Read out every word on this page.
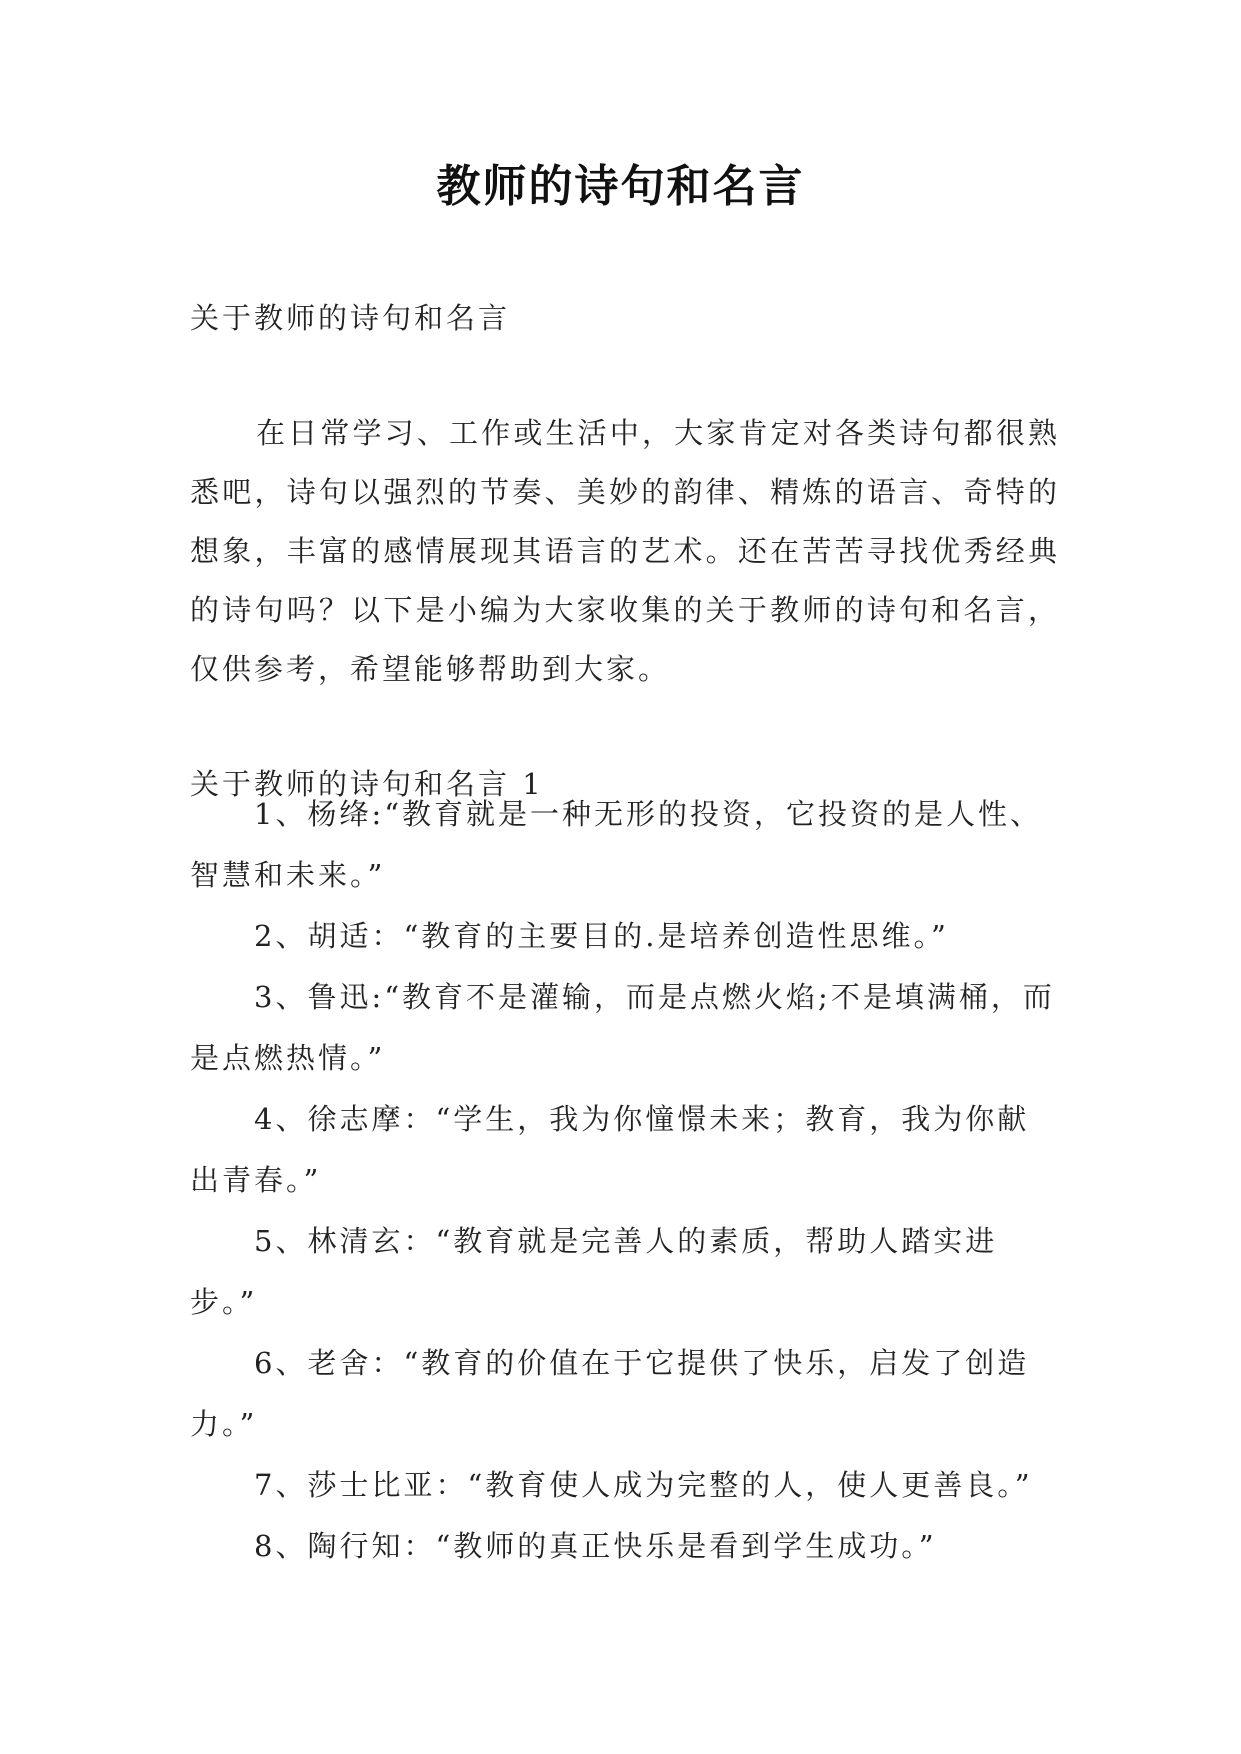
教师的诗句和名言
关于教师的诗句和名言

在日常学习、工作或生活中，大家肯定对各类诗句都很熟悉吧，诗句以强烈的节奏、美妙的韵律、精炼的语言、奇特的想象，丰富的感情展现其语言的艺术。还在苦苦寻找优秀经典的诗句吗？以下是小编为大家收集的关于教师的诗句和名言，仅供参考，希望能够帮助到大家。

关于教师的诗句和名言 1

1、杨绛:“教育就是一种无形的投资，它投资的是人性、智慧和未来。”

2、胡适：“教育的主要目的.是培养创造性思维。”

3、鲁迅:“教育不是灌输，而是点燃火焰;不是填满桶，而是点燃热情。”

4、徐志摩：“学生，我为你憧憬未来；教育，我为你献出青春。”

5、林清玄：“教育就是完善人的素质，帮助人踏实进步。”

6、老舍：“教育的价值在于它提供了快乐，启发了创造力。”

7、莎士比亚：“教育使人成为完整的人，使人更善良。”

8、陶行知：“教师的真正快乐是看到学生成功。”
